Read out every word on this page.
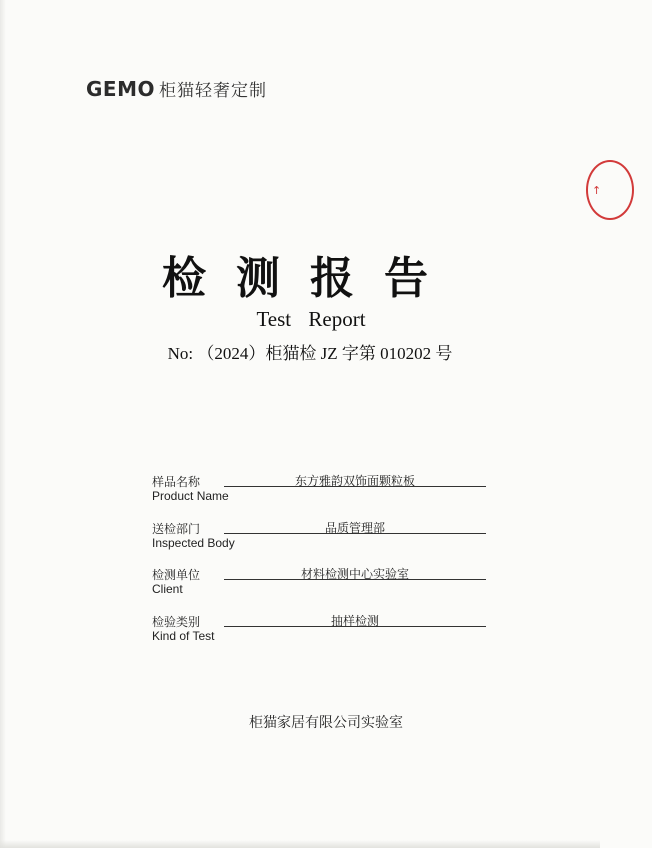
GEMO 柜猫轻奢定制
↑
检测报告
Test Report
No: （2024）柜猫检 JZ 字第 010202 号
样品名称
Product Name
东方雅韵双饰面颗粒板
送检部门
Inspected Body
品质管理部
检测单位
Client
材料检测中心实验室
检验类别
Kind of Test
抽样检测
柜猫家居有限公司实验室
